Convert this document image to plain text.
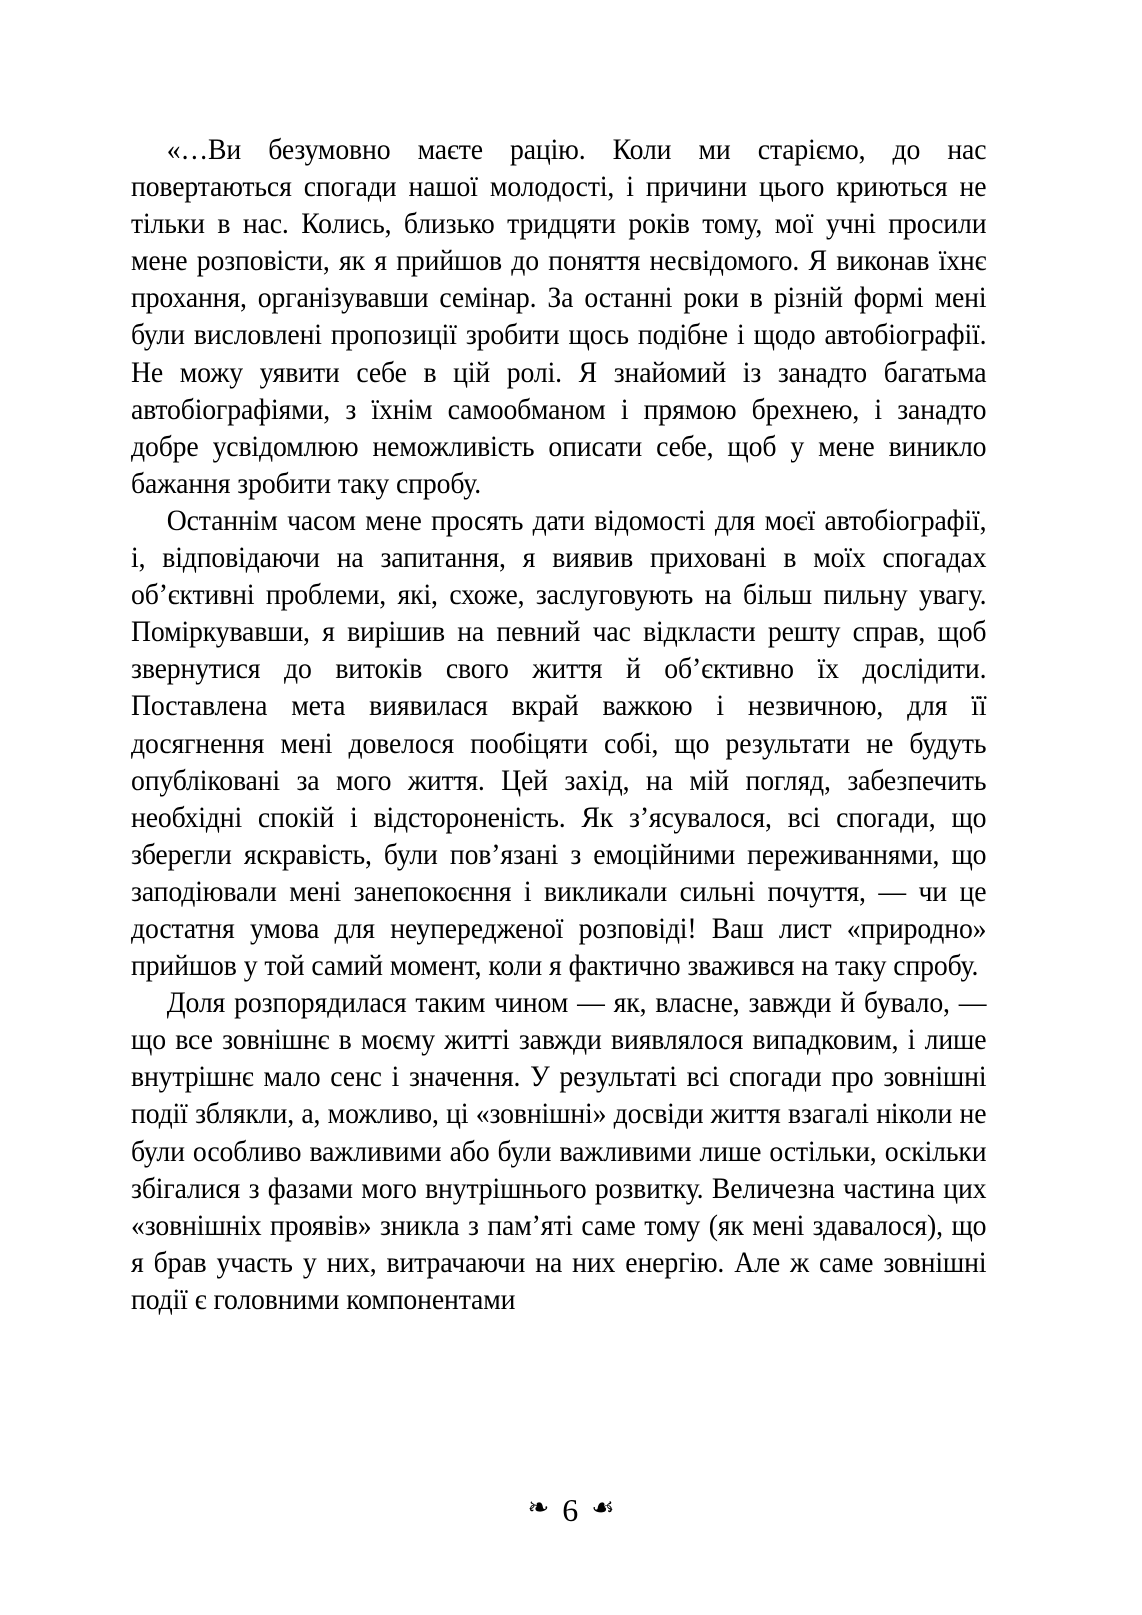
«…Ви безумовно маєте рацію. Коли ми старіємо, до нас повертаються спогади нашої молодості, і причини цього криються не тільки в нас. Колись, близько тридцяти років тому, мої учні просили мене розповісти, як я прийшов до поняття несвідомого. Я виконав їхнє прохання, організувавши семінар. За останні роки в різній формі мені були висловлені пропозиції зробити щось подібне і щодо автобіографії. Не можу уявити себе в цій ролі. Я знайомий із занадто багатьма автобіографіями, з їхнім самообманом і прямою брехнею, і занадто добре усвідомлюю неможливість описати себе, щоб у мене виникло бажання зробити таку спробу.

Останнім часом мене просять дати відомості для моєї автобіографії, і, відповідаючи на запитання, я виявив приховані в моїх спогадах об’єктивні проблеми, які, схоже, заслуговують на більш пильну увагу. Поміркувавши, я вирішив на певний час відкласти решту справ, щоб звернутися до витоків свого життя й об’єктивно їх дослідити. Поставлена мета виявилася вкрай важкою і незвичною, для її досягнення мені довелося пообіцяти собі, що результати не будуть опубліковані за мого життя. Цей захід, на мій погляд, забезпечить необхідні спокій і відстороненість. Як з’ясувалося, всі спогади, що зберегли яскравість, були пов’язані з емоційними переживаннями, що заподіювали мені занепокоєння і викликали сильні почуття, — чи це достатня умова для неупередженої розповіді! Ваш лист «природно» прийшов у той самий момент, коли я фактично зважився на таку спробу.

Доля розпорядилася таким чином — як, власне, завжди й бувало, — що все зовнішнє в моєму житті завжди виявлялося випадковим, і лише внутрішнє мало сенс і значення. У результаті всі спогади про зовнішні події зблякли, а, можливо, ці «зовнішні» досвіди життя взагалі ніколи не були особливо важливими або були важливими лише остільки, оскільки збігалися з фазами мого внутрішнього розвитку. Величезна частина цих «зовнішніх проявів» зникла з пам’яті саме тому (як мені здавалося), що я брав участь у них, витрачаючи на них енергію. Але ж саме зовнішні події є головними компонентами

❧ 6 ☙
